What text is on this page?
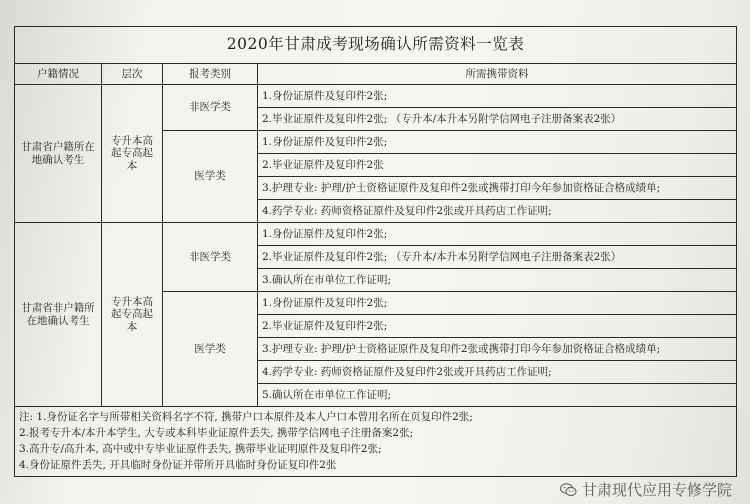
2020年甘肃成考现场确认所需资料一览表			
户籍情况	层次	报考类别	所需携带资料
甘肃省户籍所在地确认考生	专升本高起专高起本	非医学类	1.身份证原件及复印件2张;
			2.毕业证原件及复印件2张; （专升本/本升本另附学信网电子注册备案表2张）
		医学类	1.身份证原件及复印件2张;
			2.毕业证原件及复印件2张
			3.护理专业: 护理/护士资格证原件及复印件2张或携带打印今年参加资格证合格成绩单;
			4.药学专业: 药师资格证原件及复印件2张或开具药店工作证明;
甘肃省非户籍所在地确认考生	专升本高起专高起本	非医学类	1.身份证原件及复印件2张;
			2.毕业证原件及复印件2张; （专升本/本升本另附学信网电子注册备案表2张）
			3.确认所在市单位工作证明;
		医学类	1.身份证原件及复印件2张;
			2.毕业证原件及复印件2张;
			3.护理专业: 护理/护士资格证原件及复印件2张或携带打印今年参加资格证合格成绩单;
			4.药学专业: 药师资格证原件及复印件2张或开具药店工作证明;
			5.确认所在市单位工作证明;

注: 1.身份证名字与所带相关资料名字不符, 携带户口本原件及本人户口本曾用名所在页复印件2张;
2.报考专升本/本升本学生, 大专或本科毕业证原件丢失, 携带学信网电子注册备案2张;
3.高升专/高升本, 高中或中专毕业证原件丢失, 携带毕业证明原件及复印件2张;
4.身份证原件丢失, 开具临时身份证并带所开具临时身份证复印件2张			
甘肃现代应用专修学院
